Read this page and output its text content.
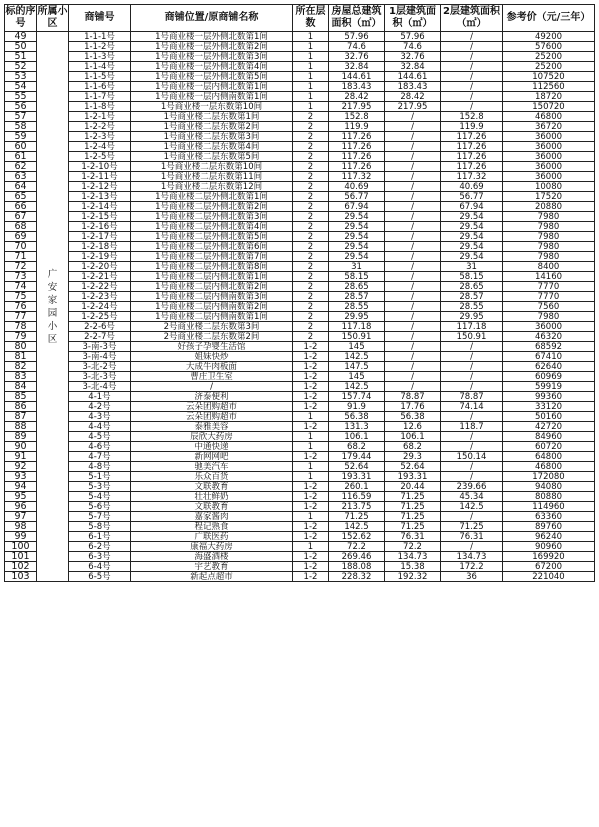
标的序号	所属小区	商铺号	商铺位置/原商铺名称	所在层数	房屋总建筑面积（㎡）	1层建筑面积（㎡）	2层建筑面积（㎡）	参考价（元/三年）
49	广安家园小区	1-1-1号	1号商业楼一层外侧北数第1间	1	57.96	57.96	/	49200
50		1-1-2号	1号商业楼一层外侧北数第2间	1	74.6	74.6	/	57600
51		1-1-3号	1号商业楼一层外侧北数第3间	1	32.76	32.76	/	25200
52		1-1-4号	1号商业楼一层外侧北数第4间	1	32.84	32.84	/	25200
53		1-1-5号	1号商业楼一层外侧北数第5间	1	144.61	144.61	/	107520
54		1-1-6号	1号商业楼一层内侧北数第1间	1	183.43	183.43	/	112560
55		1-1-7号	1号商业楼一层内侧南数第1间	1	28.42	28.42	/	18720
56		1-1-8号	1号商业楼一层东数第10间	1	217.95	217.95	/	150720
57		1-2-1号	1号商业楼二层东数第1间	2	152.8	/	152.8	46800
58		1-2-2号	1号商业楼二层东数第2间	2	119.9	/	119.9	36720
59		1-2-3号	1号商业楼二层东数第3间	2	117.26	/	117.26	36000
60		1-2-4号	1号商业楼二层东数第4间	2	117.26	/	117.26	36000
61		1-2-5号	1号商业楼二层东数第5间	2	117.26	/	117.26	36000
62		1-2-10号	1号商业楼二层东数第10间	2	117.26	/	117.26	36000
63		1-2-11号	1号商业楼二层东数第11间	2	117.32	/	117.32	36000
64		1-2-12号	1号商业楼二层东数第12间	2	40.69	/	40.69	10080
65		1-2-13号	1号商业楼二层外侧北数第1间	2	56.77	/	56.77	17520
66		1-2-14号	1号商业楼二层外侧北数第2间	2	67.94	/	67.94	20880
67		1-2-15号	1号商业楼二层外侧北数第3间	2	29.54	/	29.54	7980
68		1-2-16号	1号商业楼二层外侧北数第4间	2	29.54	/	29.54	7980
69		1-2-17号	1号商业楼二层外侧北数第5间	2	29.54	/	29.54	7980
70		1-2-18号	1号商业楼二层外侧北数第6间	2	29.54	/	29.54	7980
71		1-2-19号	1号商业楼二层外侧北数第7间	2	29.54	/	29.54	7980
72		1-2-20号	1号商业楼二层外侧北数第8间	2	31	/	31	8400
73		1-2-21号	1号商业楼二层内侧北数第1间	2	58.15	/	58.15	14160
74		1-2-22号	1号商业楼二层内侧北数第2间	2	28.65	/	28.65	7770
75		1-2-23号	1号商业楼二层内侧南数第3间	2	28.57	/	28.57	7770
76		1-2-24号	1号商业楼二层内侧南数第2间	2	28.55	/	28.55	7560
77		1-2-25号	1号商业楼二层内侧南数第1间	2	29.95	/	29.95	7980
78		2-2-6号	2号商业楼二层东数第3间	2	117.18	/	117.18	36000
79		2-2-7号	2号商业楼二层东数第2间	2	150.91	/	150.91	46320
80		3-南-3号	好孩子孕婴生活馆	1-2	145	/	/	68592
81		3-南-4号	姐妹快炒	1-2	142.5	/	/	67410
82		3-北-2号	大成牛肉板面	1-2	147.5	/	/	62640
83		3-北-3号	曹庄卫生室	1-2	145	/	/	60969
84		3-北-4号	/	1-2	142.5	/	/	59919
85		4-1号	济泰便利	1-2	157.74	78.87	78.87	99360
86		4-2号	云朵团购超市	1-2	91.9	17.76	74.14	33120
87		4-3号	云朵团购超市	1	56.38	56.38	/	50160
88		4-4号	泰雅美容	1-2	131.3	12.6	118.7	42720
89		4-5号	辰欣大药房	1	106.1	106.1	/	84960
90		4-6号	中通快递	1	68.2	68.2	/	60720
91		4-7号	新网网吧	1-2	179.44	29.3	150.14	64800
92		4-8号	驰美汽车	1	52.64	52.64	/	46800
93		5-1号	乐众百货	1	193.31	193.31	/	172080
94		5-3号	文联教育	1-2	260.1	20.44	239.66	94080
95		5-4号	壮壮鲜奶	1-2	116.59	71.25	45.34	80880
96		5-6号	文联教育	1-2	213.75	71.25	142.5	114960
97		5-7号	嘉家酱肉	1	71.25	71.25	/	63360
98		5-8号	程记熟食	1-2	142.5	71.25	71.25	89760
99		6-1号	广联医药	1-2	152.62	76.31	76.31	96240
100		6-2号	康福大药房	1	72.2	72.2	/	90960
101		6-3号	海盛酒楼	1-2	269.46	134.73	134.73	169920
102		6-4号	宇艺教育	1-2	188.08	15.38	172.2	67200
103		6-5号	新起点超市	1-2	228.32	192.32	36	221040
